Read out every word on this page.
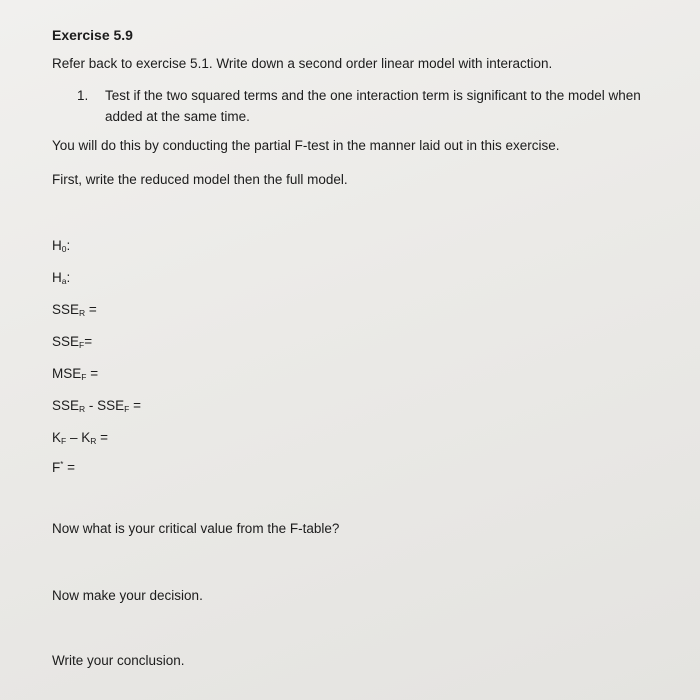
Exercise 5.9
Refer back to exercise 5.1. Write down a second order linear model with interaction.
1. Test if the two squared terms and the one interaction term is significant to the model when
added at the same time.
You will do this by conducting the partial F-test in the manner laid out in this exercise.
First, write the reduced model then the full model.
$H_0$:
$H_a$:
$SSE_R$ =
$SSE_F=$
$MSE_F$ =
$SSE_R - SSE_F$ =
$K_F - K_R$ =
F* =
Now what is your critical value from the F-table?
Now make your decision.
Write your conclusion.
